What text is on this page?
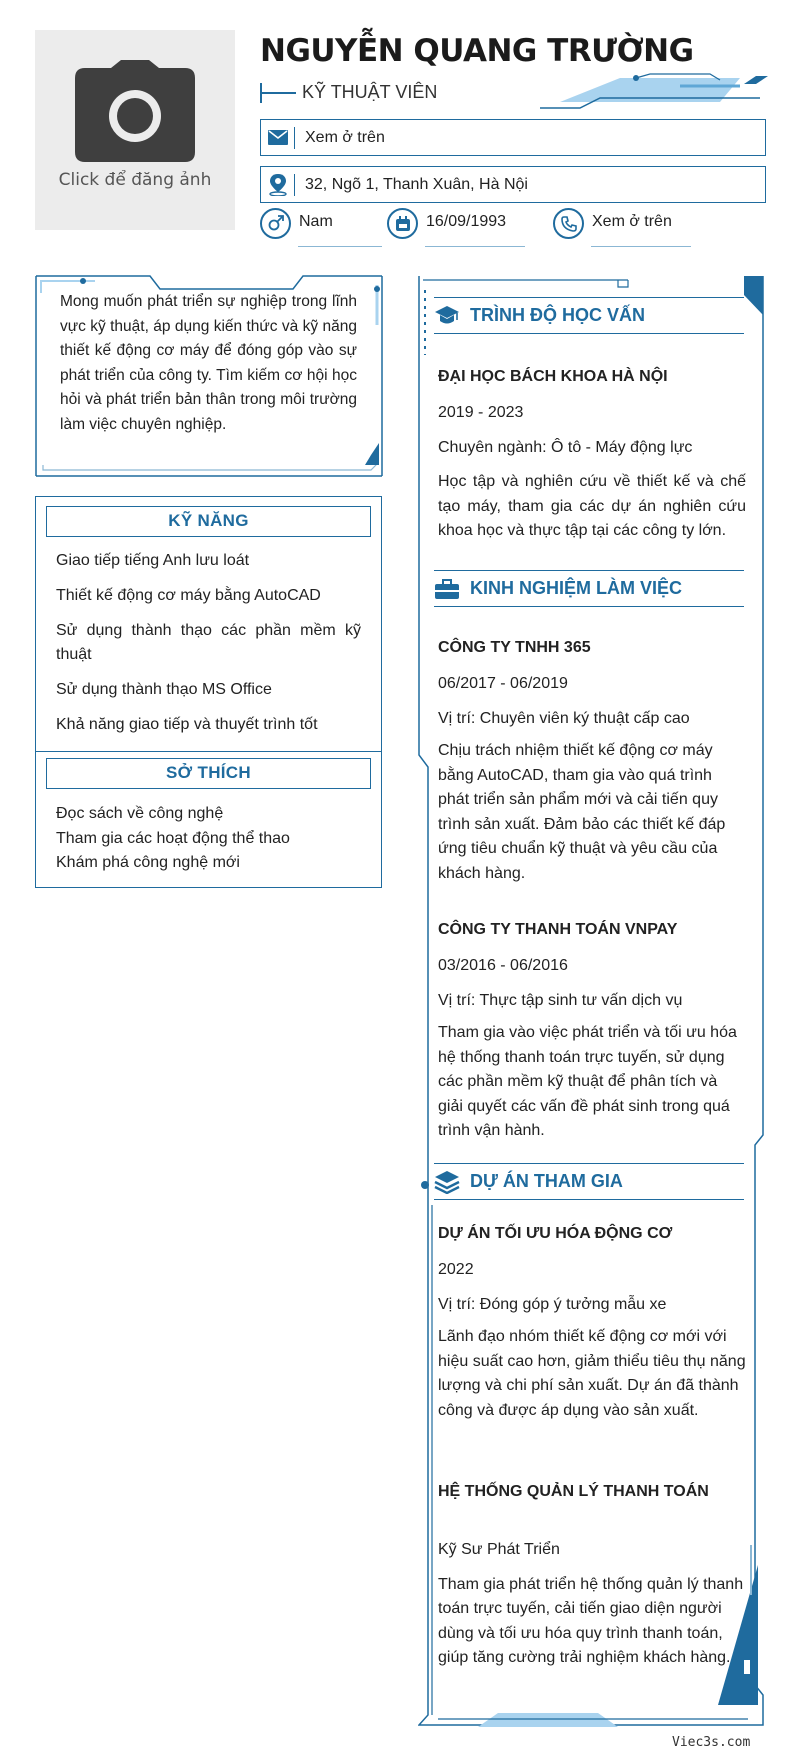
Click để đăng ảnh
NGUYỄN QUANG TRƯỜNG
KỸ THUẬT VIÊN
Xem ở trên
32, Ngõ 1, Thanh Xuân, Hà Nội
Nam	16/09/1993	Xem ở trên
Mong muốn phát triển sự nghiệp trong lĩnh vực kỹ thuật, áp dụng kiến thức và kỹ năng thiết kế động cơ máy để đóng góp vào sự phát triển của công ty. Tìm kiếm cơ hội học hỏi và phát triển bản thân trong môi trường làm việc chuyên nghiệp.
KỸ NĂNG
Giao tiếp tiếng Anh lưu loát
Thiết kế động cơ máy bằng AutoCAD
Sử dụng thành thạo các phần mềm kỹ thuật
Sử dụng thành thạo MS Office
Khả năng giao tiếp và thuyết trình tốt
SỞ THÍCH
Đọc sách về công nghệ
Tham gia các hoạt động thể thao
Khám phá công nghệ mới
TRÌNH ĐỘ HỌC VẤN
ĐẠI HỌC BÁCH KHOA HÀ NỘI
2019 - 2023
Chuyên ngành: Ô tô - Máy động lực
Học tập và nghiên cứu về thiết kế và chế tạo máy, tham gia các dự án nghiên cứu khoa học và thực tập tại các công ty lớn.
KINH NGHIỆM LÀM VIỆC
CÔNG TY TNHH 365
06/2017 - 06/2019
Vị trí: Chuyên viên ký thuật cấp cao
Chịu trách nhiệm thiết kế động cơ máy bằng AutoCAD, tham gia vào quá trình phát triển sản phẩm mới và cải tiến quy trình sản xuất. Đảm bảo các thiết kế đáp ứng tiêu chuẩn kỹ thuật và yêu cầu của khách hàng.
CÔNG TY THANH TOÁN VNPAY
03/2016 - 06/2016
Vị trí: Thực tập sinh tư vấn dịch vụ
Tham gia vào việc phát triển và tối ưu hóa hệ thống thanh toán trực tuyến, sử dụng các phần mềm kỹ thuật để phân tích và giải quyết các vấn đề phát sinh trong quá trình vận hành.
DỰ ÁN THAM GIA
DỰ ÁN TỐI ƯU HÓA ĐỘNG CƠ
2022
Vị trí: Đóng góp ý tưởng mẫu xe
Lãnh đạo nhóm thiết kế động cơ mới với hiệu suất cao hơn, giảm thiểu tiêu thụ năng lượng và chi phí sản xuất. Dự án đã thành công và được áp dụng vào sản xuất.
HỆ THỐNG QUẢN LÝ THANH TOÁN
Kỹ Sư Phát Triển
Tham gia phát triển hệ thống quản lý thanh toán trực tuyến, cải tiến giao diện người dùng và tối ưu hóa quy trình thanh toán, giúp tăng cường trải nghiệm khách hàng.
Viec3s.com
